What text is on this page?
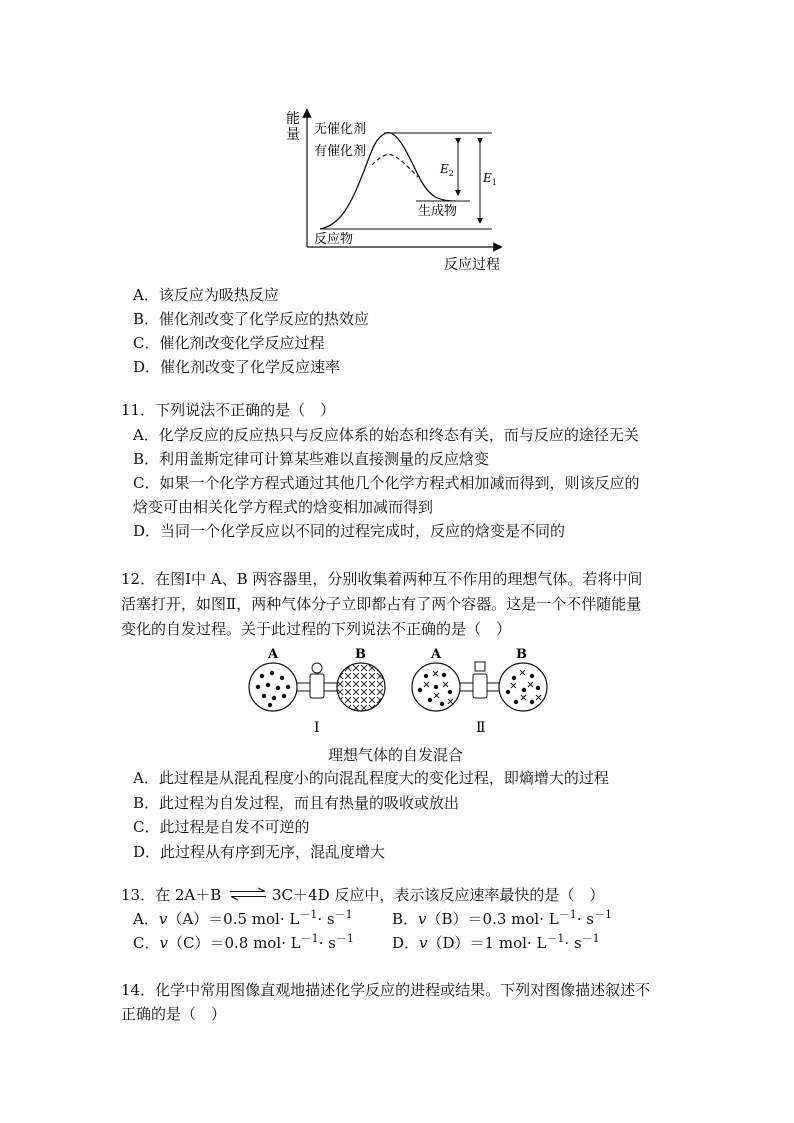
能
量
反应过程
$E_2$ $E_1$
无催化剂
有催化剂
生成物
反应物
A．该反应为吸热反应
B．催化剂改变了化学反应的热效应
C．催化剂改变化学反应过程
D．催化剂改变了化学反应速率
11．下列说法不正确的是（　）
A．化学反应的反应热只与反应体系的始态和终态有关，而与反应的途径无关
B．利用盖斯定律可计算某些难以直接测量的反应焓变
C．如果一个化学方程式通过其他几个化学方程式相加减而得到，则该反应的
焓变可由相关化学方程式的焓变相加减而得到
D．当同一个化学反应以不同的过程完成时，反应的焓变是不同的
12．在图Ⅰ中 A、B 两容器里，分别收集着两种互不作用的理想气体。若将中间
活塞打开，如图Ⅱ，两种气体分子立即都占有了两个容器。这是一个不伴随能量
变化的自发过程。关于此过程的下列说法不正确的是（　）
A	B
Ⅰ
A	B
Ⅱ
理想气体的自发混合
A．此过程是从混乱程度小的向混乱程度大的变化过程，即熵增大的过程
B．此过程为自发过程，而且有热量的吸收或放出
C．此过程是自发不可逆的
D．此过程从有序到无序，混乱度增大
13．在 2A＋B ⇌ 3C＋4D 反应中，表示该反应速率最快的是（　）
A．v（A）＝0.5 $mol\cdot L^{-1}\cdot s^{-1}$	B．v（B）＝0.3 $mol\cdot L^{-1}\cdot s^{-1}$
C．v（C）＝0.8 $mol\cdot L^{-1}\cdot s^{-1}$	D．v（D）＝1 $mol\cdot L^{-1}\cdot s^{-1}$
14．化学中常用图像直观地描述化学反应的进程或结果。下列对图像描述叙述不
正确的是（　）
